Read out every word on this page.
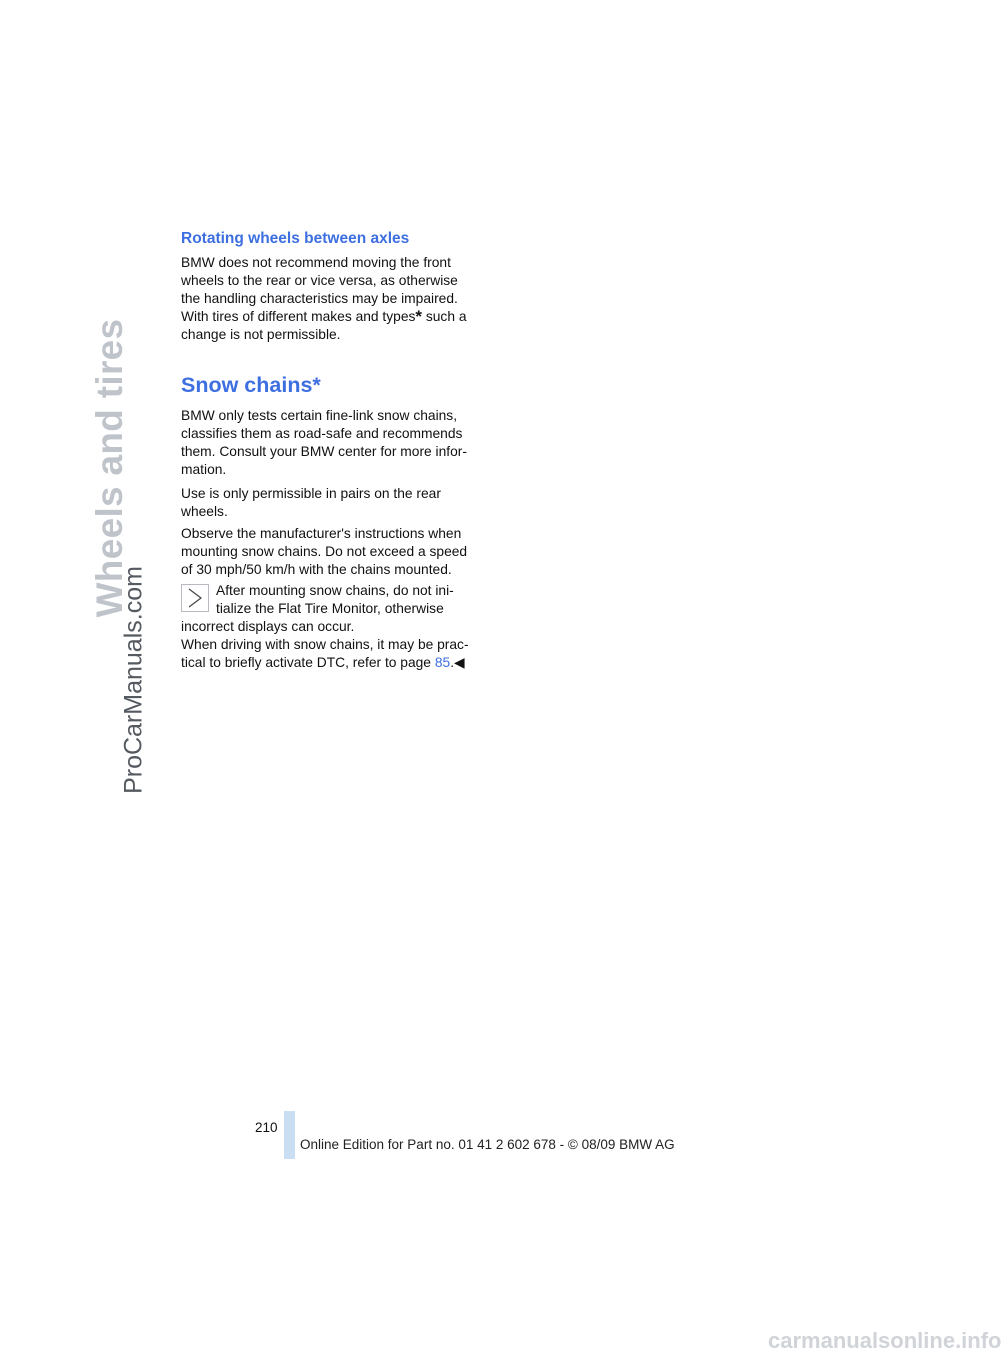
Wheels and tires
ProCarManuals.com
Rotating wheels between axles

BMW does not recommend moving the front

wheels to the rear or vice versa, as otherwise

the handling characteristics may be impaired.

With tires of different makes and types* such a

change is not permissible.

Snow chains*

BMW only tests certain fine-link snow chains,

classifies them as road-safe and recommends

them. Consult your BMW center for more infor-

mation.

Use is only permissible in pairs on the rear

wheels.

Observe the manufacturer's instructions when

mounting snow chains. Do not exceed a speed

of 30 mph/50 km/h with the chains mounted.

After mounting snow chains, do not ini-

tialize the Flat Tire Monitor, otherwise

incorrect displays can occur.

When driving with snow chains, it may be prac-

tical to briefly activate DTC, refer to page 85.◀

210
Online Edition for Part no. 01 41 2 602 678 - © 08/09 BMW AG
carmanualsonline.info
